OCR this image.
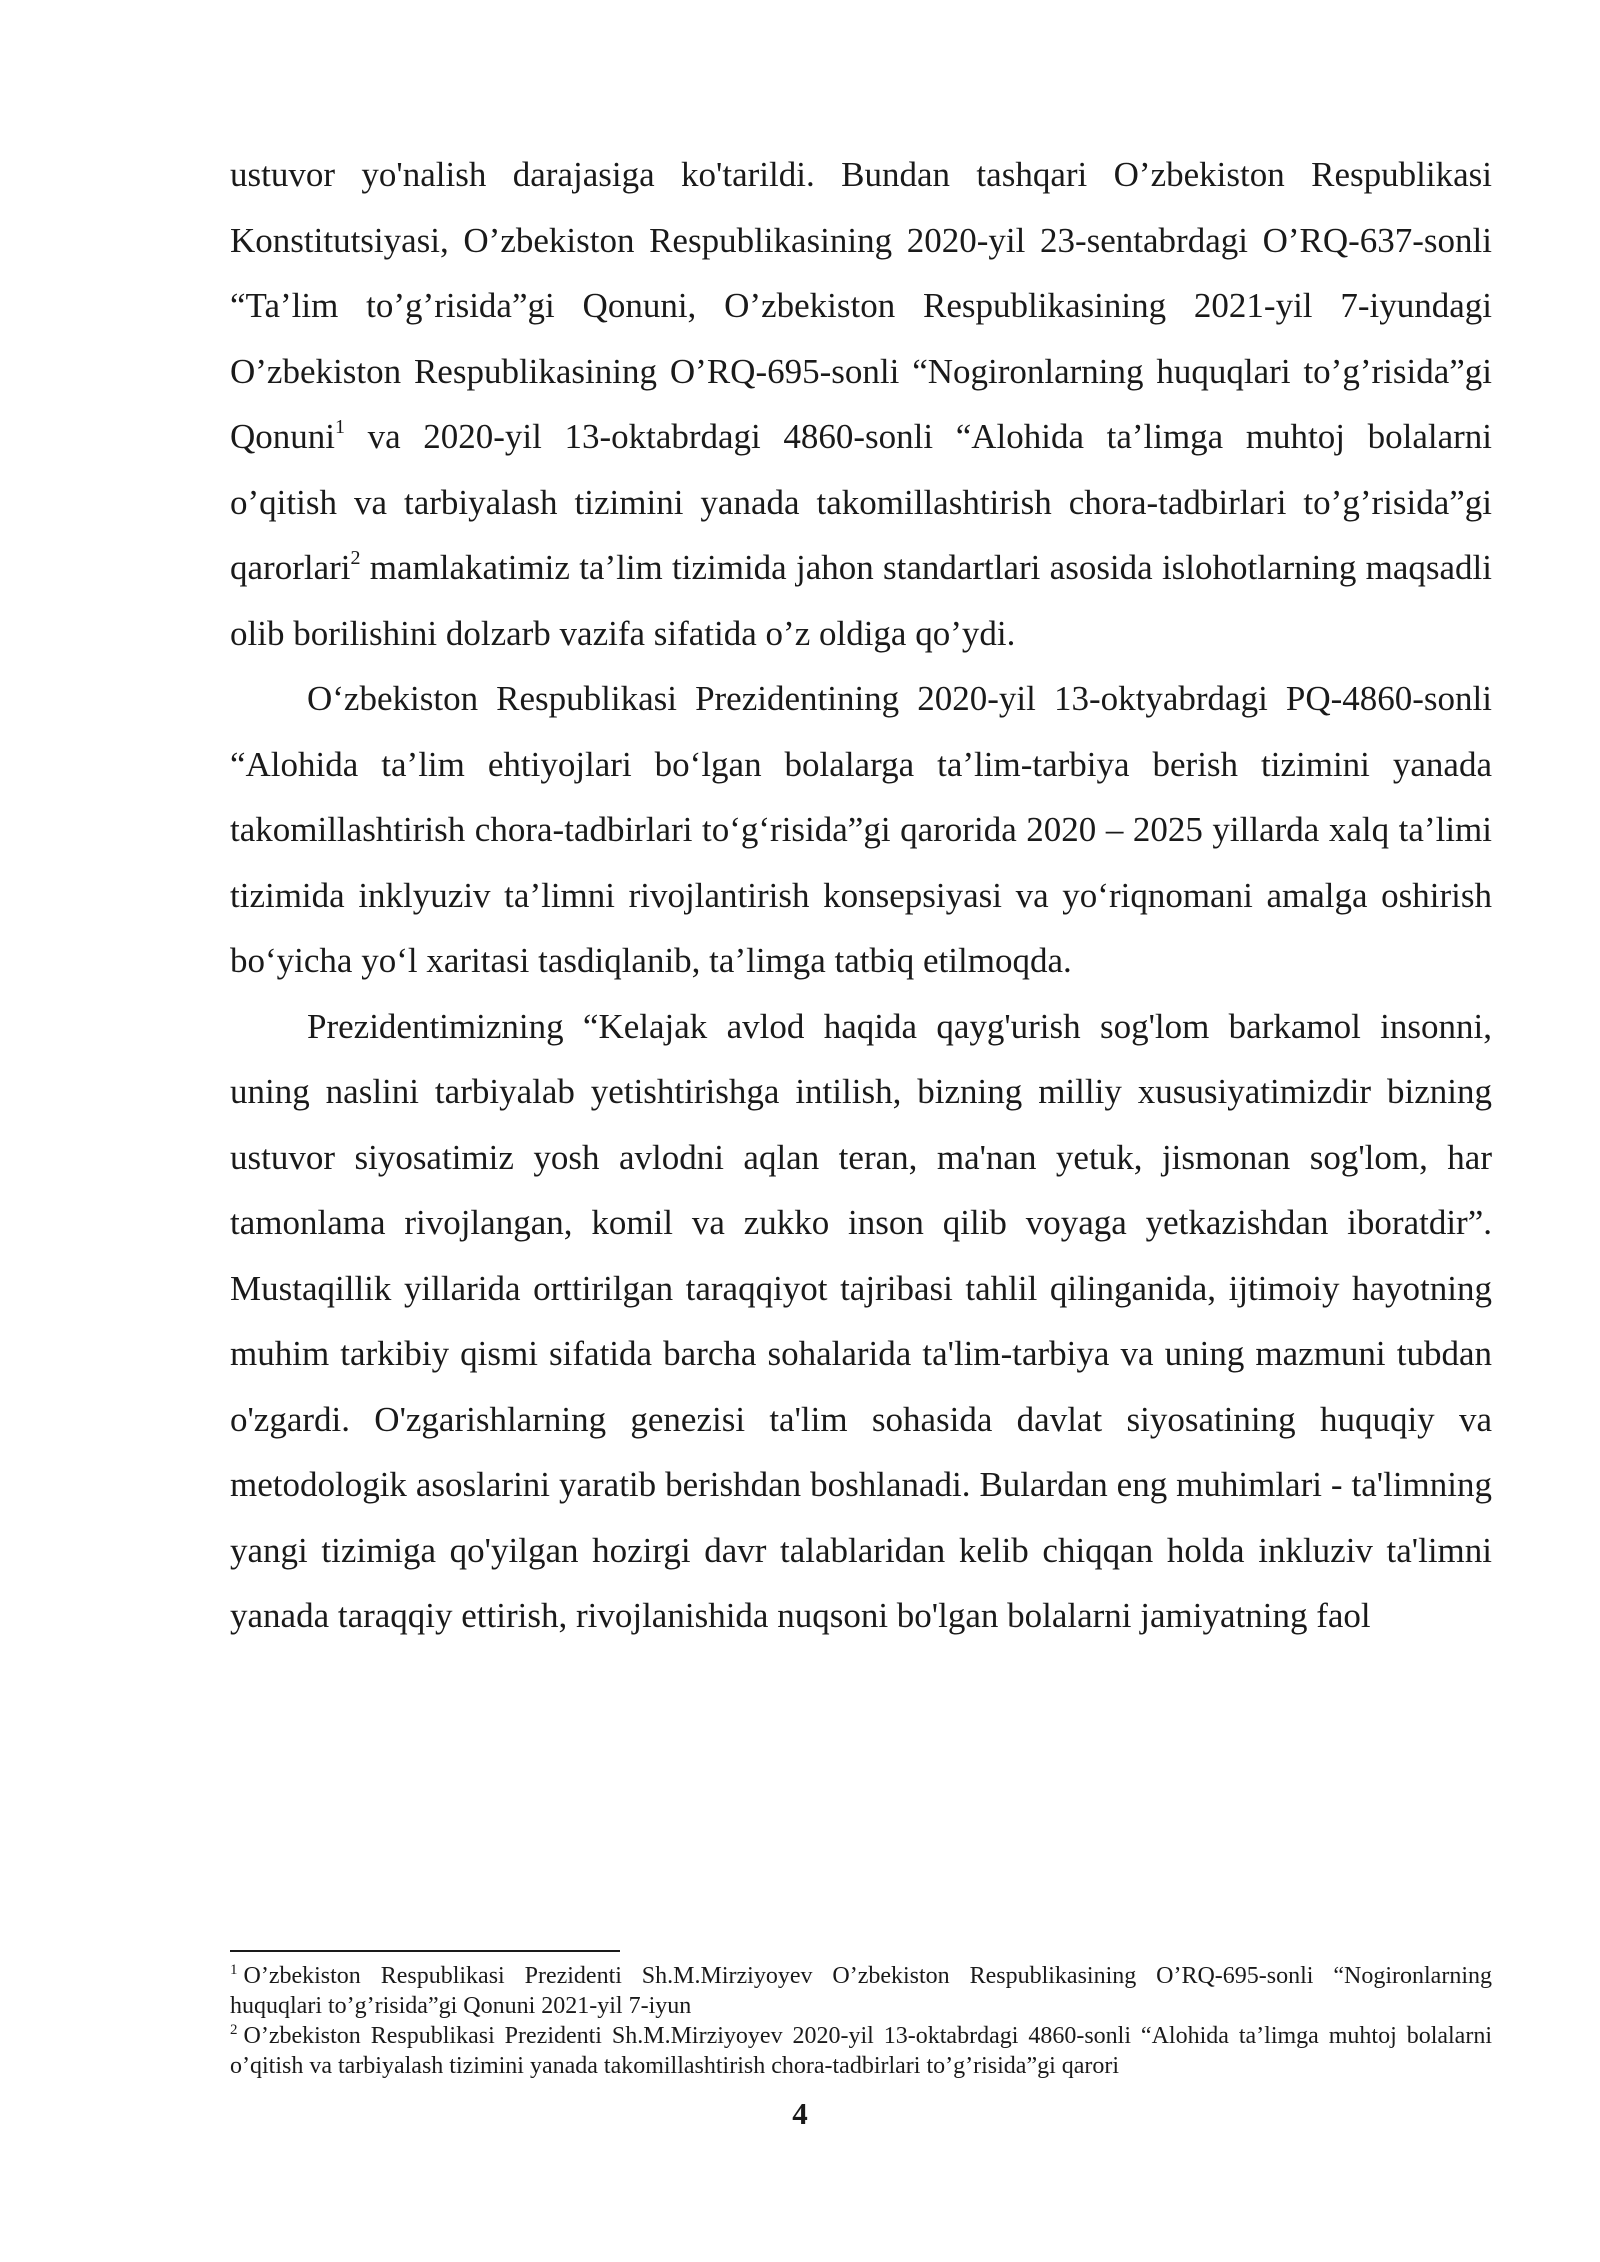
ustuvor yo'nalish darajasiga ko'tarildi. Bundan tashqari O’zbekiston Respublikasi Konstitutsiyasi, O’zbekiston Respublikasining 2020-yil 23-sentabrdagi O’RQ-637-sonli “Ta’lim to’g’risida”gi Qonuni, O’zbekiston Respublikasining 2021-yil 7-iyundagi O’zbekiston Respublikasining O’RQ-695-sonli “Nogironlarning huquqlari to’g’risida”gi Qonuni$^1$ va 2020-yil 13-oktabrdagi 4860-sonli “Alohida ta’limga muhtoj bolalarni o’qitish va tarbiyalash tizimini yanada takomillashtirish chora-tadbirlari to’g’risida”gi qarorlari$^2$ mamlakatimiz ta’lim tizimida jahon standartlari asosida islohotlarning maqsadli olib borilishini dolzarb vazifa sifatida o’z oldiga qo’ydi.

O‘zbekiston Respublikasi Prezidentining 2020-yil 13-oktyabrdagi PQ-4860-sonli “Alohida ta’lim ehtiyojlari bo‘lgan bolalarga ta’lim-tarbiya berish tizimini yanada takomillashtirish chora-tadbirlari to‘g‘risida”gi qarorida 2020 – 2025 yillarda xalq ta’limi tizimida inklyuziv ta’limni rivojlantirish konsepsiyasi va yo‘riqnomani amalga oshirish bo‘yicha yo‘l xaritasi tasdiqlanib, ta’limga tatbiq etilmoqda.

Prezidentimizning “Kelajak avlod haqida qayg'urish sog'lom barkamol insonni, uning naslini tarbiyalab yetishtirishga intilish, bizning milliy xususiyatimizdir bizning ustuvor siyosatimiz yosh avlodni aqlan teran, ma'nan yetuk, jismonan sog'lom, har tamonlama rivojlangan, komil va zukko inson qilib voyaga yetkazishdan iboratdir”. Mustaqillik yillarida orttirilgan taraqqiyot tajribasi tahlil qilinganida, ijtimoiy hayotning muhim tarkibiy qismi sifatida barcha sohalarida ta'lim-tarbiya va uning mazmuni tubdan o'zgardi. O'zgarishlarning genezisi ta'lim sohasida davlat siyosatining huquqiy va metodologik asoslarini yaratib berishdan boshlanadi. Bulardan eng muhimlari - ta'limning yangi tizimiga qo'yilgan hozirgi davr talablaridan kelib chiqqan holda inkluziv ta'limni yanada taraqqiy ettirish, rivojlanishida nuqsoni bo'lgan bolalarni jamiyatning faol

$^1$ O’zbekiston Respublikasi Prezidenti Sh.M.Mirziyoyev O’zbekiston Respublikasining O’RQ-695-sonli “Nogironlarning huquqlari to’g’risida”gi Qonuni 2021-yil 7-iyun

$^2$ O’zbekiston Respublikasi Prezidenti Sh.M.Mirziyoyev 2020-yil 13-oktabrdagi 4860-sonli “Alohida ta’limga muhtoj bolalarni o’qitish va tarbiyalash tizimini yanada takomillashtirish chora-tadbirlari to’g’risida”gi qarori

4
